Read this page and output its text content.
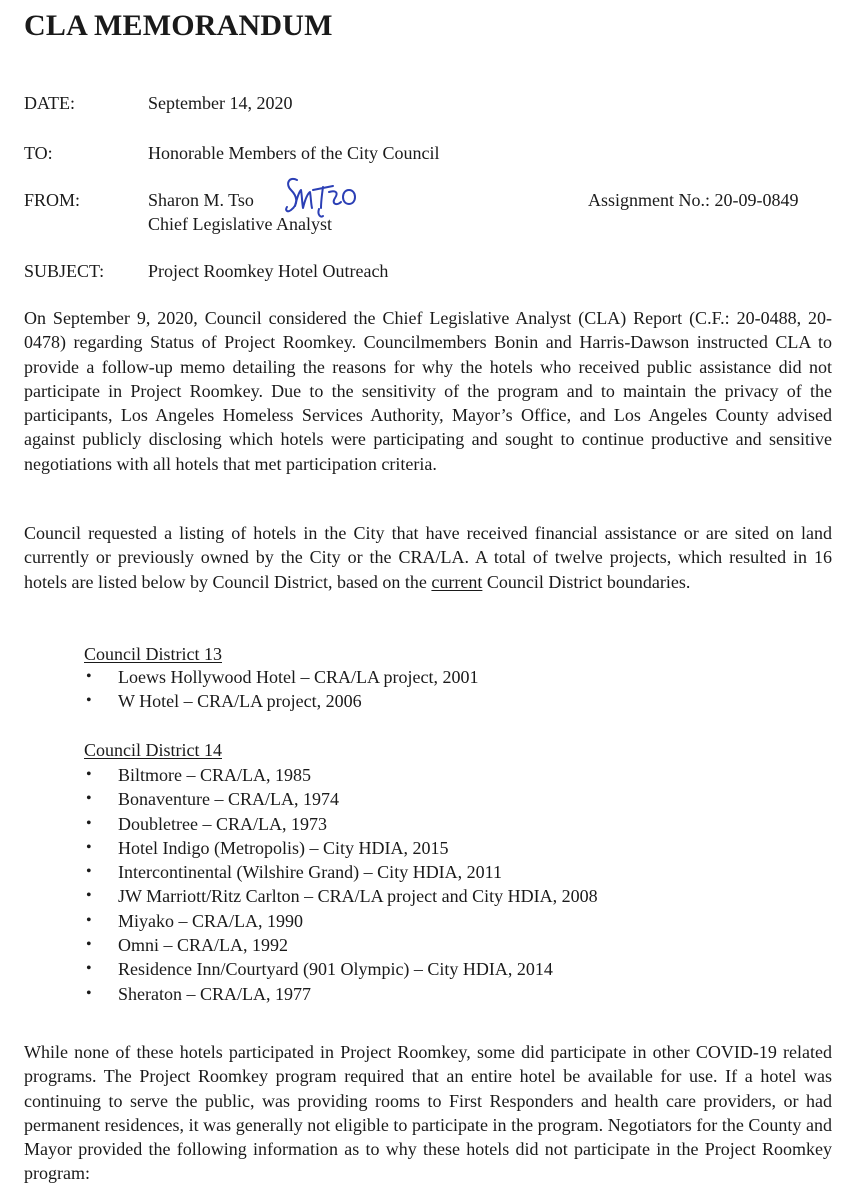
CLA MEMORANDUM
DATE:	September 14, 2020
TO:	Honorable Members of the City Council
FROM:	Sharon M. Tso
Chief Legislative Analyst
Assignment No.: 20-09-0849
SUBJECT: Project Roomkey Hotel Outreach

On September 9, 2020, Council considered the Chief Legislative Analyst (CLA) Report (C.F.: 20-0488, 20-0478) regarding Status of Project Roomkey. Councilmembers Bonin and Harris-Dawson instructed CLA to provide a follow-up memo detailing the reasons for why the hotels who received public assistance did not participate in Project Roomkey. Due to the sensitivity of the program and to maintain the privacy of the participants, Los Angeles Homeless Services Authority, Mayor’s Office, and Los Angeles County advised against publicly disclosing which hotels were participating and sought to continue productive and sensitive negotiations with all hotels that met participation criteria.

Council requested a listing of hotels in the City that have received financial assistance or are sited on land currently or previously owned by the City or the CRA/LA. A total of twelve projects, which resulted in 16 hotels are listed below by Council District, based on the current Council District boundaries.

Council District 13
• Loews Hollywood Hotel – CRA/LA project, 2001
• W Hotel – CRA/LA project, 2006
Council District 14
• Biltmore – CRA/LA, 1985
• Bonaventure – CRA/LA, 1974
• Doubletree – CRA/LA, 1973
• Hotel Indigo (Metropolis) – City HDIA, 2015
• Intercontinental (Wilshire Grand) – City HDIA, 2011
• JW Marriott/Ritz Carlton – CRA/LA project and City HDIA, 2008
• Miyako – CRA/LA, 1990
• Omni – CRA/LA, 1992
• Residence Inn/Courtyard (901 Olympic) – City HDIA, 2014
• Sheraton – CRA/LA, 1977

While none of these hotels participated in Project Roomkey, some did participate in other COVID-19 related programs. The Project Roomkey program required that an entire hotel be available for use. If a hotel was continuing to serve the public, was providing rooms to First Responders and health care providers, or had permanent residences, it was generally not eligible to participate in the program. Negotiators for the County and Mayor provided the following information as to why these hotels did not participate in the Project Roomkey program:
